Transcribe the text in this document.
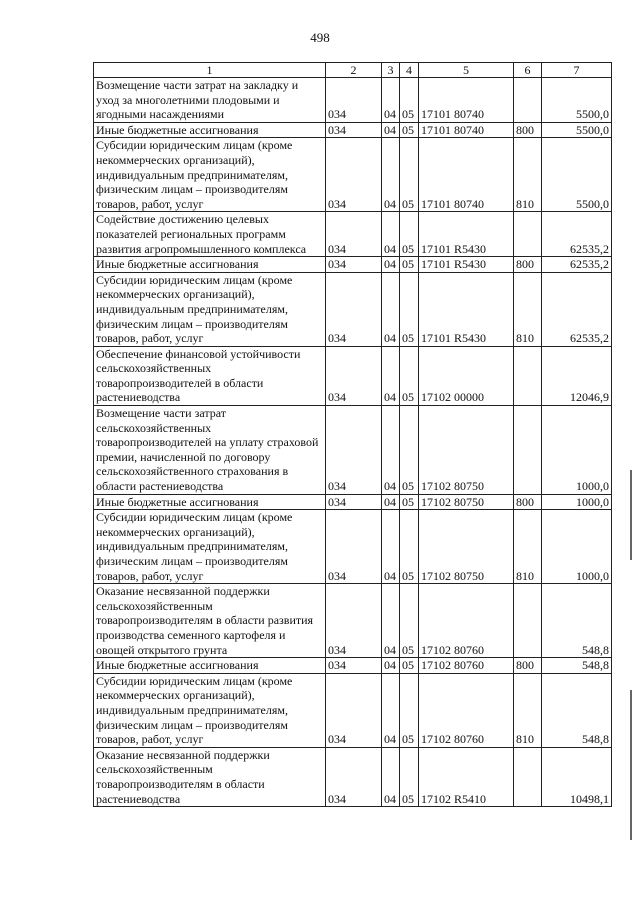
498
1	2	3	4	5	6	7
Возмещение части затрат на закладку и уход за многолетними плодовыми и ягодными насаждениями	034	04	05	17101 80740		5500,0
Иные бюджетные ассигнования	034	04	05	17101 80740	800	5500,0
Субсидии юридическим лицам (кроме некоммерческих организаций), индивидуальным предпринимателям, физическим лицам – производителям товаров, работ, услуг	034	04	05	17101 80740	810	5500,0
Содействие достижению целевых показателей региональных программ развития агропромышленного комплекса	034	04	05	17101 R5430		62535,2
Иные бюджетные ассигнования	034	04	05	17101 R5430	800	62535,2
Субсидии юридическим лицам (кроме некоммерческих организаций), индивидуальным предпринимателям, физическим лицам – производителям товаров, работ, услуг	034	04	05	17101 R5430	810	62535,2
Обеспечение финансовой устойчивости сельскохозяйственных товаропроизводителей в области растениеводства	034	04	05	17102 00000		12046,9
Возмещение части затрат сельскохозяйственных товаропроизводителей на уплату страховой премии, начисленной по договору сельскохозяйственного страхования в области растениеводства	034	04	05	17102 80750		1000,0
Иные бюджетные ассигнования	034	04	05	17102 80750	800	1000,0
Субсидии юридическим лицам (кроме некоммерческих организаций), индивидуальным предпринимателям, физическим лицам – производителям товаров, работ, услуг	034	04	05	17102 80750	810	1000,0
Оказание несвязанной поддержки сельскохозяйственным товаропроизводителям в области развития производства семенного картофеля и овощей открытого грунта	034	04	05	17102 80760		548,8
Иные бюджетные ассигнования	034	04	05	17102 80760	800	548,8
Субсидии юридическим лицам (кроме некоммерческих организаций), индивидуальным предпринимателям, физическим лицам – производителям товаров, работ, услуг	034	04	05	17102 80760	810	548,8
Оказание несвязанной поддержки сельскохозяйственным товаропроизводителям в области растениеводства	034	04	05	17102 R5410		10498,1
